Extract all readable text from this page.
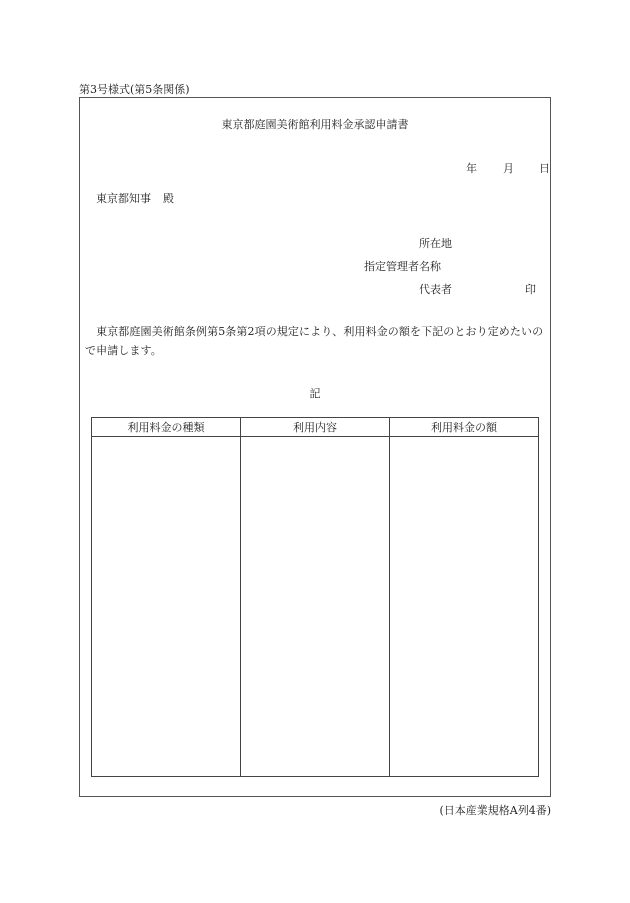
第3号様式(第5条関係)
東京都庭園美術館利用料金承認申請書
年	月	日
東京都知事 殿
所在地
指定管理者 名称
代表者	印
　東京都庭園美術館条例第5条第2項の規定により、利用料金の額を下記のとおり定めたいので申請します。
記
利用料金の種類	利用内容	利用料金の額

(日本産業規格A列4番)
